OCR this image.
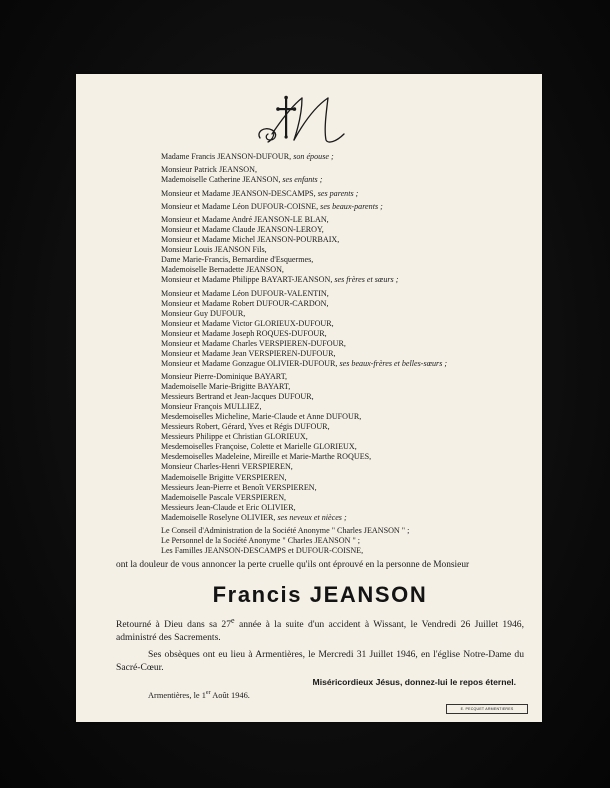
Madame Francis JEANSON-DUFOUR, son épouse ;
Monsieur Patrick JEANSON,
Mademoiselle Catherine JEANSON, ses enfants ;
Monsieur et Madame JEANSON-DESCAMPS, ses parents ;
Monsieur et Madame Léon DUFOUR-COISNE, ses beaux-parents ;
Monsieur et Madame André JEANSON-LE BLAN,
Monsieur et Madame Claude JEANSON-LEROY,
Monsieur et Madame Michel JEANSON-POURBAIX,
Monsieur Louis JEANSON Fils,
Dame Marie-Francis, Bernardine d'Esquermes,
Mademoiselle Bernadette JEANSON,
Monsieur et Madame Philippe BAYART-JEANSON, ses frères et sœurs ;
Monsieur et Madame Léon DUFOUR-VALENTIN,
Monsieur et Madame Robert DUFOUR-CARDON,
Monsieur Guy DUFOUR,
Monsieur et Madame Victor GLORIEUX-DUFOUR,
Monsieur et Madame Joseph ROQUES-DUFOUR,
Monsieur et Madame Charles VERSPIEREN-DUFOUR,
Monsieur et Madame Jean VERSPIEREN-DUFOUR,
Monsieur et Madame Gonzague OLIVIER-DUFOUR, ses beaux-frères et belles-sœurs ;
Monsieur Pierre-Dominique BAYART,
Mademoiselle Marie-Brigitte BAYART,
Messieurs Bertrand et Jean-Jacques DUFOUR,
Monsieur François MULLIEZ,
Mesdemoiselles Micheline, Marie-Claude et Anne DUFOUR,
Messieurs Robert, Gérard, Yves et Régis DUFOUR,
Messieurs Philippe et Christian GLORIEUX,
Mesdemoiselles Françoise, Colette et Marielle GLORIEUX,
Mesdemoiselles Madeleine, Mireille et Marie-Marthe ROQUES,
Monsieur Charles-Henri VERSPIEREN,
Mademoiselle Brigitte VERSPIEREN,
Messieurs Jean-Pierre et Benoît VERSPIEREN,
Mademoiselle Pascale VERSPIEREN,
Messieurs Jean-Claude et Eric OLIVIER,
Mademoiselle Roselyne OLIVIER, ses neveux et nièces ;
Le Conseil d'Administration de la Société Anonyme " Charles JEANSON " ;
Le Personnel de la Société Anonyme " Charles JEANSON " ;
Les Familles JEANSON-DESCAMPS et DUFOUR-COISNE,
ont la douleur de vous annoncer la perte cruelle qu'ils ont éprouvé en la personne de Monsieur
Francis JEANSON
Retourné à Dieu dans sa 27e année à la suite d'un accident à Wissant, le Vendredi 26 Juillet 1946, administré des Sacrements.
Ses obsèques ont eu lieu à Armentières, le Mercredi 31 Juillet 1946, en l'église Notre-Dame du Sacré-Cœur.
Miséricordieux Jésus, donnez-lui le repos éternel.
Armentières, le 1er Août 1946.
E. PECQUET ARMENTIERES
